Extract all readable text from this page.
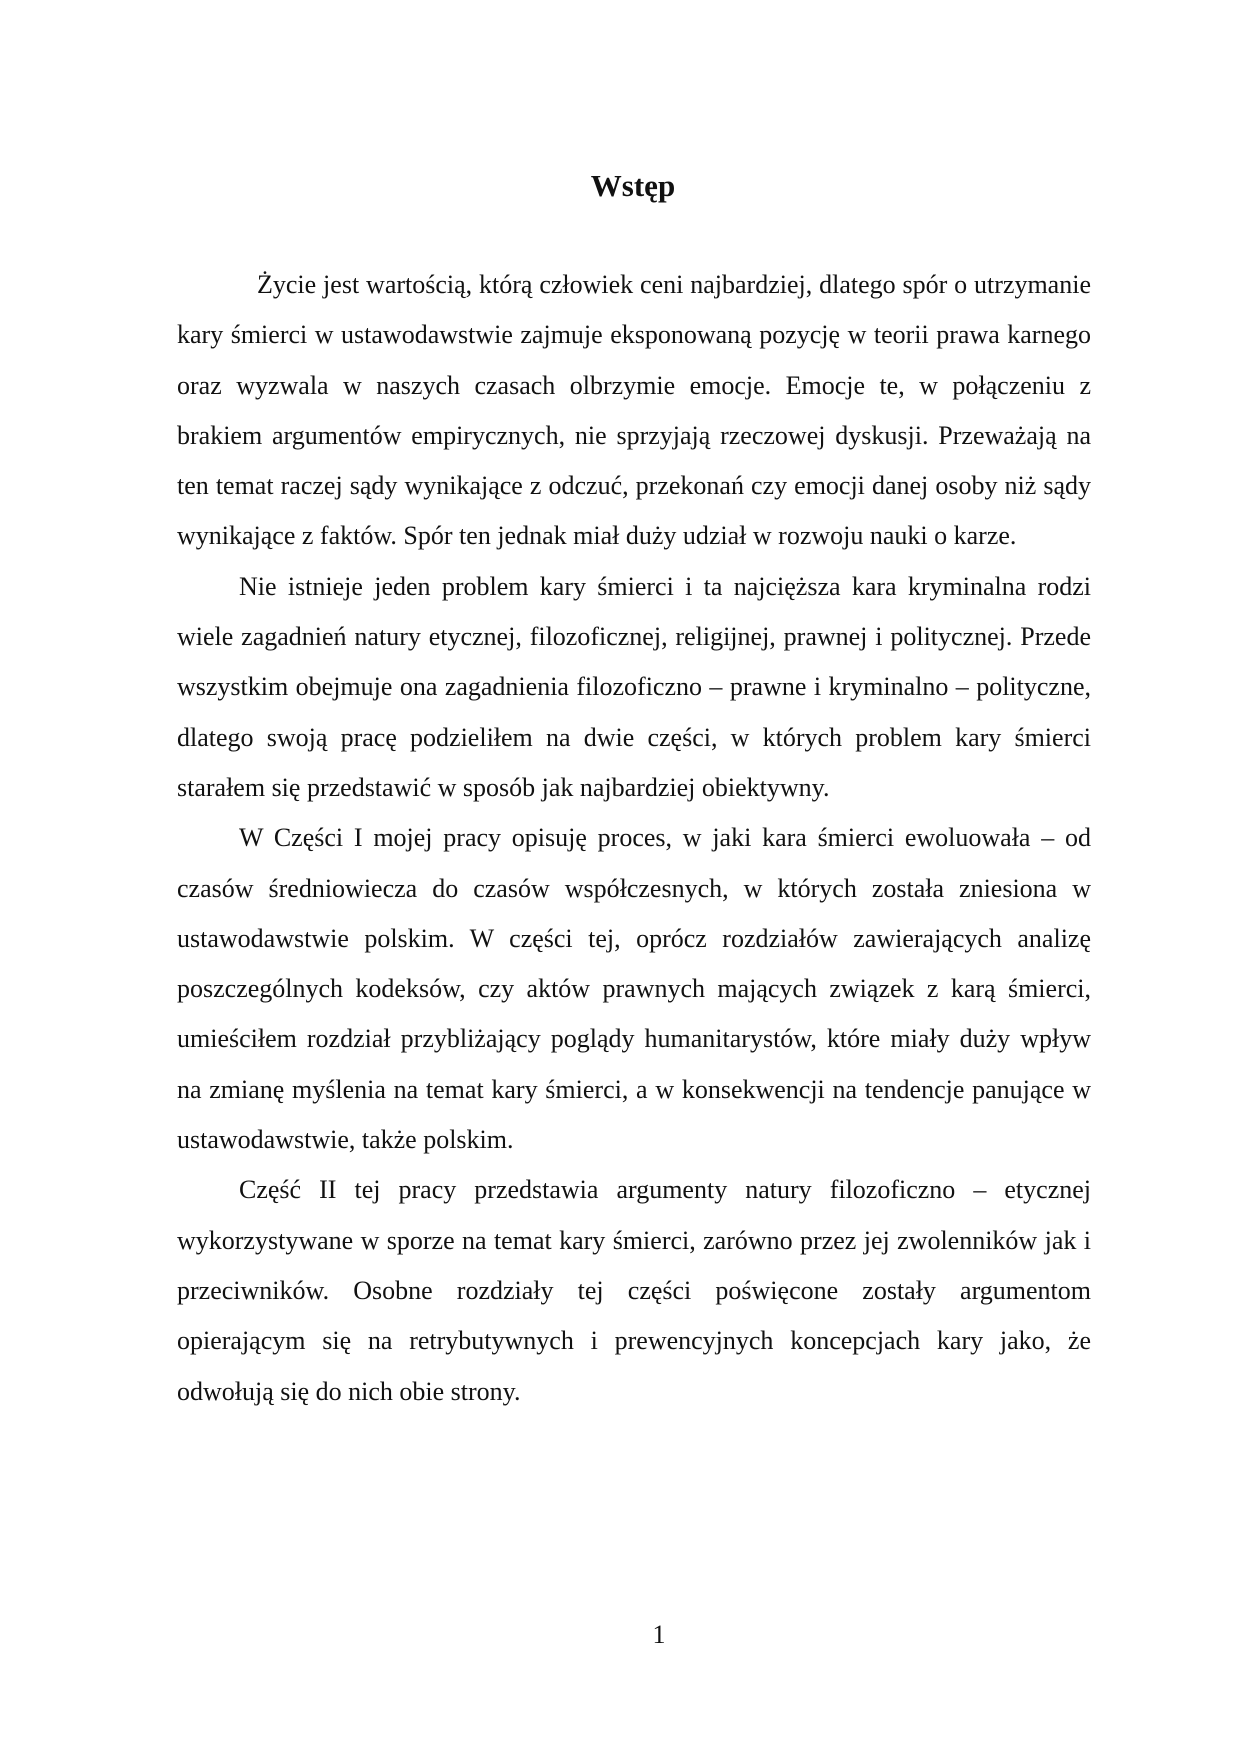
Wstęp

Życie jest wartością, którą człowiek ceni najbardziej, dlatego spór o utrzymanie kary śmierci w ustawodawstwie zajmuje eksponowaną pozycję w teorii prawa karnego oraz wyzwala w naszych czasach olbrzymie emocje. Emocje te, w połączeniu z brakiem argumentów empirycznych, nie sprzyjają rzeczowej dyskusji. Przeważają na ten temat raczej sądy wynikające z odczuć, przekonań czy emocji danej osoby niż sądy wynikające z faktów. Spór ten jednak miał duży udział w rozwoju nauki o karze.

Nie istnieje jeden problem kary śmierci i ta najcięższa kara kryminalna rodzi wiele zagadnień natury etycznej, filozoficznej, religijnej, prawnej i politycznej. Przede wszystkim obejmuje ona zagadnienia filozoficzno – prawne i kryminalno – polityczne, dlatego swoją pracę podzieliłem na dwie części, w których problem kary śmierci starałem się przedstawić w sposób jak najbardziej obiektywny.

W Części I mojej pracy opisuję proces, w jaki kara śmierci ewoluowała – od czasów średniowiecza do czasów współczesnych, w których została zniesiona w ustawodawstwie polskim. W części tej, oprócz rozdziałów zawierających analizę poszczególnych kodeksów, czy aktów prawnych mających związek z karą śmierci, umieściłem rozdział przybliżający poglądy humanitarystów, które miały duży wpływ na zmianę myślenia na temat kary śmierci, a w konsekwencji na tendencje panujące w ustawodawstwie, także polskim.

Część II tej pracy przedstawia argumenty natury filozoficzno – etycznej wykorzystywane w sporze na temat kary śmierci, zarówno przez jej zwolenników jak i przeciwników. Osobne rozdziały tej części poświęcone zostały argumentom opierającym się na retrybutywnych i prewencyjnych koncepcjach kary jako, że odwołują się do nich obie strony.

1
